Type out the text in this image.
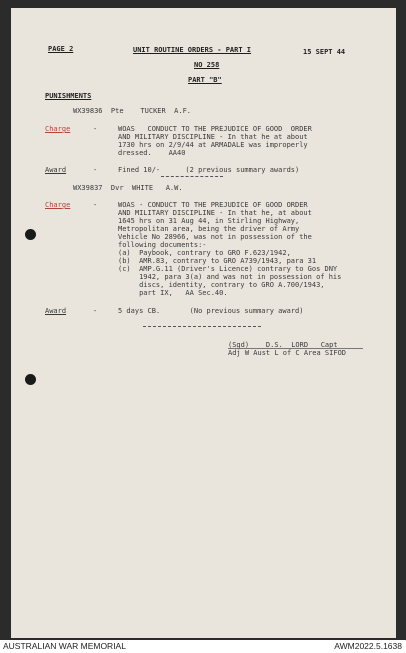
PAGE 2	UNIT ROUTINE ORDERS - PART I	15 SEPT 44
NO 258
PART "B"
PUNISHMENTS
WX39836  Pte    TUCKER  A.F.
Charge	-	WOAS   CONDUCT TO THE PREJUDICE OF GOOD  ORDER
AND MILITARY DISCIPLINE - In that he at about
1730 hrs on 2/9/44 at ARMADALE was improperly
dressed.    AA40
Award	-	Fined 10/-      (2 previous summary awards)
WX39837  Dvr  WHITE   A.W.
Charge	-	WOAS - CONDUCT TO THE PREJUDICE OF GOOD ORDER
AND MILITARY DISCIPLINE - In that he, at about
1645 hrs on 31 Aug 44, in Stirling Highway,
Metropolitan area, being the driver of Army
Vehicle No 28966, was not in possession of the
following documents:-
(a)  Paybook, contrary to GRO F.623/1942,
(b)  AMR.83, contrary to GRO A739/1943, para 31
(c)  AMP.G.11 (Driver's Licence) contrary to Gos DNY
1942, para 3(a) and was not in possession of his
discs, identity, contrary to GRO A.700/1943,
part IX,   AA Sec.40.
Award	-	5 days CB.       (No previous summary award)
(Sgd)    D.S.  LORD   Capt
Adj W Aust L of C Area SIFOD
AUSTRALIAN WAR MEMORIAL	AWM2022.5.1638
